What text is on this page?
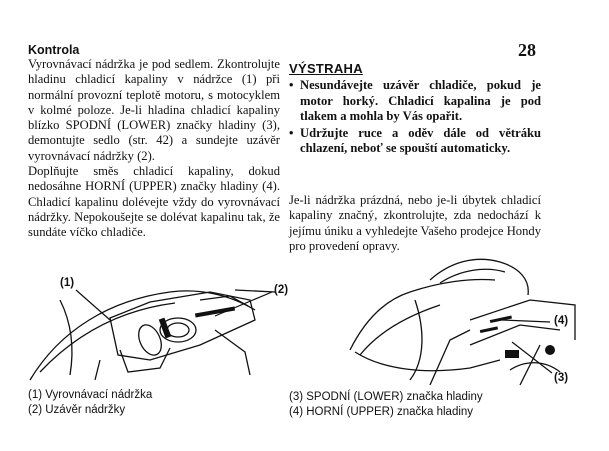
Kontrola	28

Vyrovnávací nádržka je pod sedlem. Zkontrolujte hladinu chladicí kapaliny v nádržce (1) při normální provozní teplotě motoru, s motocyklem v kolmé poloze. Je-li hladina chladicí kapaliny blízko SPODNÍ (LOWER) značky hladiny (3), demontujte sedlo (str. 42) a sundejte uzávěr vyrovnávací nádržky (2).

Doplňujte směs chladicí kapaliny, dokud nedosáhne HORNÍ (UPPER) značky hladiny (4). Chladicí kapalinu dolévejte vždy do vyrovnávací nádržky. Nepokoušejte se dolévat kapalinu tak, že sundáte víčko chladiče.

VÝSTRAHA
• Nesundávejte uzávěr chladiče, pokud je motor horký. Chladicí kapalina je pod tlakem a mohla by Vás opařit.
• Udržujte ruce a oděv dále od větráku chlazení, neboť se spouští automaticky.
Je-li nádržka prázdná, nebo je-li úbytek chladicí kapaliny značný, zkontrolujte, zda nedochází k jejímu úniku a vyhledejte Vašeho prodejce Hondy pro provedení opravy.
(1)
(2)
(1) Vyrovnávací nádržka
(2) Uzávěr nádržky
(4)
(3)
(3) SPODNÍ (LOWER) značka hladiny
(4) HORNÍ (UPPER) značka hladiny
